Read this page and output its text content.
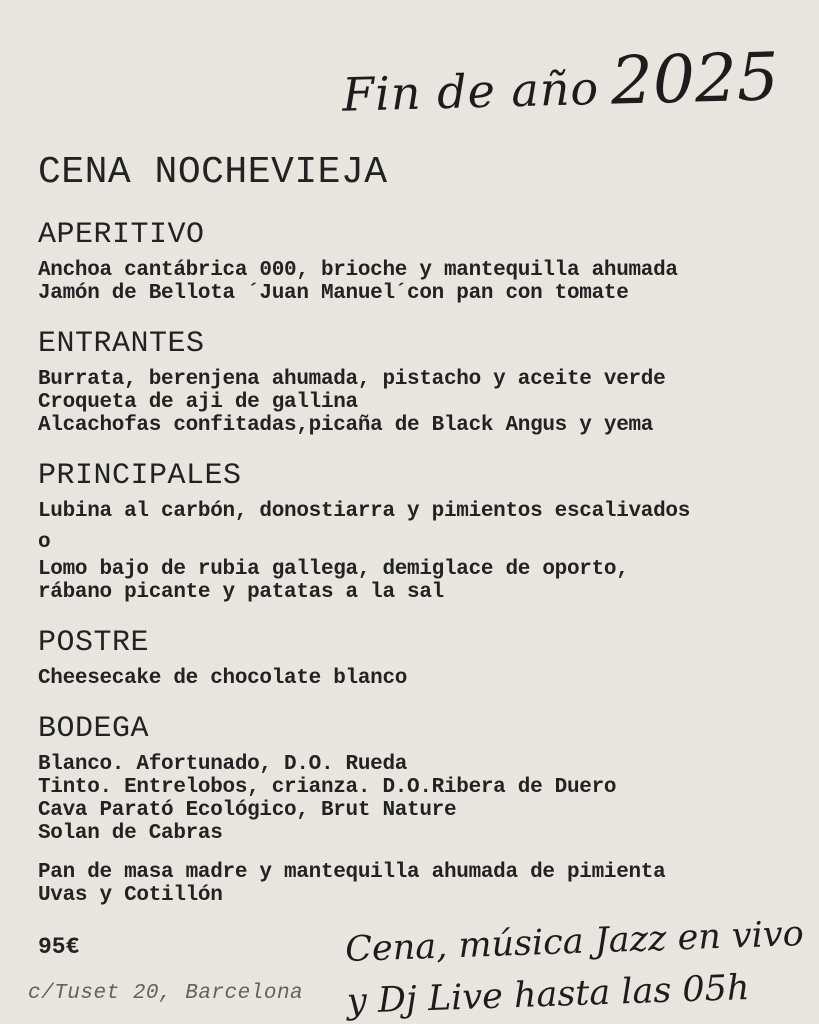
Fin de año 2025
CENA NOCHEVIEJA
APERITIVO
Anchoa cantábrica 000, brioche y mantequilla ahumada
Jamón de Bellota ´Juan Manuel´con pan con tomate
ENTRANTES
Burrata, berenjena ahumada, pistacho y aceite verde
Croqueta de aji de gallina
Alcachofas confitadas,picaña de Black Angus y yema
PRINCIPALES
Lubina al carbón, donostiarra y pimientos escalivados
o
Lomo bajo de rubia gallega, demiglace de oporto,
rábano picante y patatas a la sal
POSTRE
Cheesecake de chocolate blanco
BODEGA
Blanco. Afortunado, D.O. Rueda
Tinto. Entrelobos, crianza. D.O.Ribera de Duero
Cava Parató Ecológico, Brut Nature
Solan de Cabras
Pan de masa madre y mantequilla ahumada de pimienta
Uvas y Cotillón
95€
c/Tuset 20, Barcelona
Cena, música Jazz en vivo
y Dj Live hasta las 05h
